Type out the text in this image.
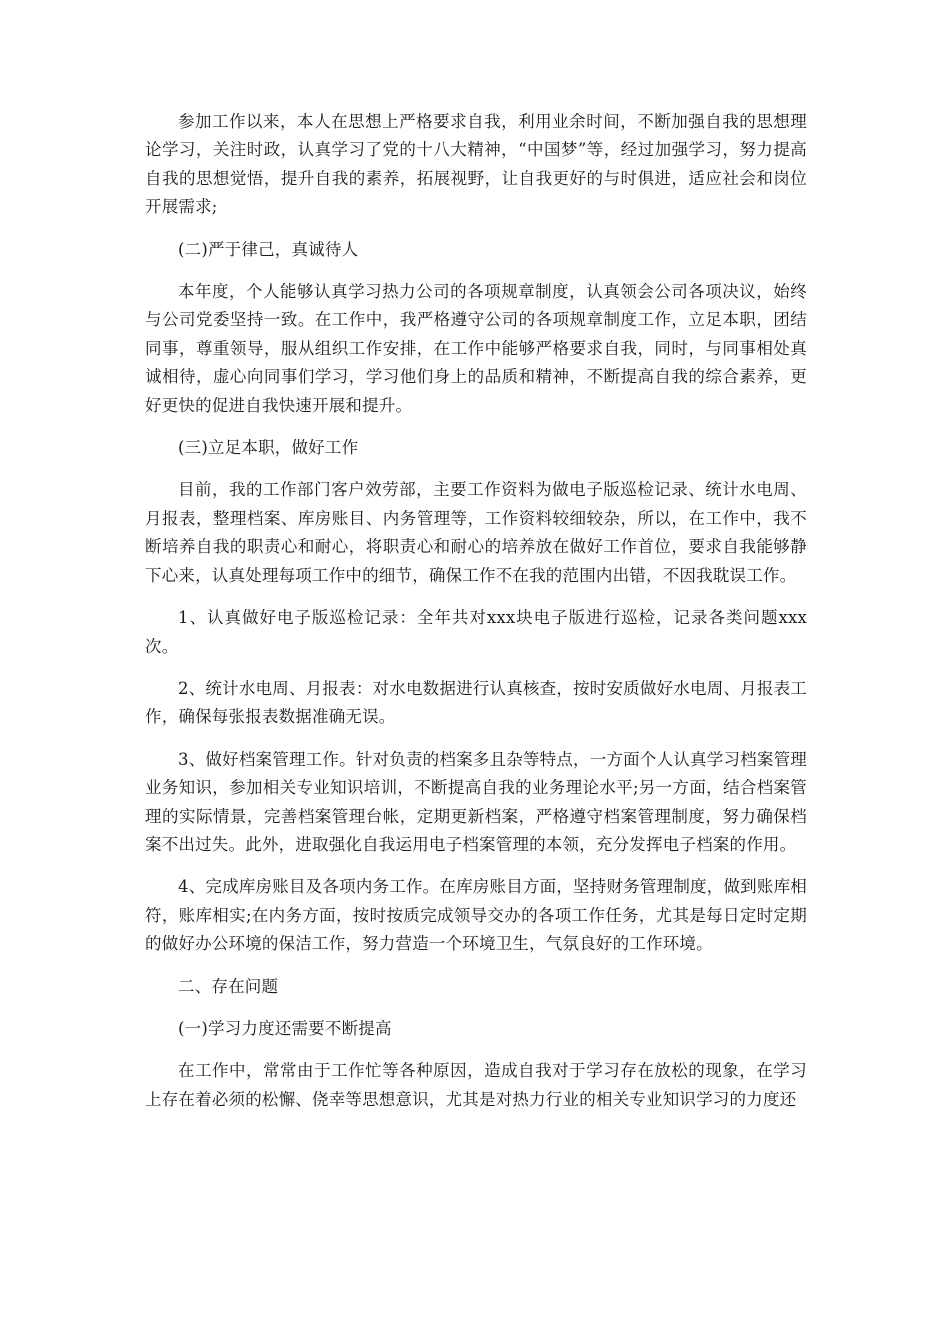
参加工作以来，本人在思想上严格要求自我，利用业余时间，不断加强自我的思想理论学习，关注时政，认真学习了党的十八大精神，“中国梦”等，经过加强学习，努力提高自我的思想觉悟，提升自我的素养，拓展视野，让自我更好的与时俱进，适应社会和岗位开展需求;

(二)严于律己，真诚待人

本年度，个人能够认真学习热力公司的各项规章制度，认真领会公司各项决议，始终与公司党委坚持一致。在工作中，我严格遵守公司的各项规章制度工作，立足本职，团结同事，尊重领导，服从组织工作安排，在工作中能够严格要求自我，同时，与同事相处真诚相待，虚心向同事们学习，学习他们身上的品质和精神，不断提高自我的综合素养，更好更快的促进自我快速开展和提升。

(三)立足本职，做好工作

目前，我的工作部门客户效劳部，主要工作资料为做电子版巡检记录、统计水电周、月报表，整理档案、库房账目、内务管理等，工作资料较细较杂，所以，在工作中，我不断培养自我的职责心和耐心，将职责心和耐心的培养放在做好工作首位，要求自我能够静下心来，认真处理每项工作中的细节，确保工作不在我的范围内出错，不因我耽误工作。

1、认真做好电子版巡检记录：全年共对xxx块电子版进行巡检，记录各类问题xxx次。

2、统计水电周、月报表：对水电数据进行认真核查，按时安质做好水电周、月报表工作，确保每张报表数据准确无误。

3、做好档案管理工作。针对负责的档案多且杂等特点，一方面个人认真学习档案管理业务知识，参加相关专业知识培训，不断提高自我的业务理论水平;另一方面，结合档案管理的实际情景，完善档案管理台帐，定期更新档案，严格遵守档案管理制度，努力确保档案不出过失。此外，进取强化自我运用电子档案管理的本领，充分发挥电子档案的作用。

4、完成库房账目及各项内务工作。在库房账目方面，坚持财务管理制度，做到账库相符，账库相实;在内务方面，按时按质完成领导交办的各项工作任务，尤其是每日定时定期的做好办公环境的保洁工作，努力营造一个环境卫生，气氛良好的工作环境。

二、存在问题

(一)学习力度还需要不断提高

在工作中，常常由于工作忙等各种原因，造成自我对于学习存在放松的现象，在学习上存在着必须的松懈、侥幸等思想意识，尤其是对热力行业的相关专业知识学习的力度还
